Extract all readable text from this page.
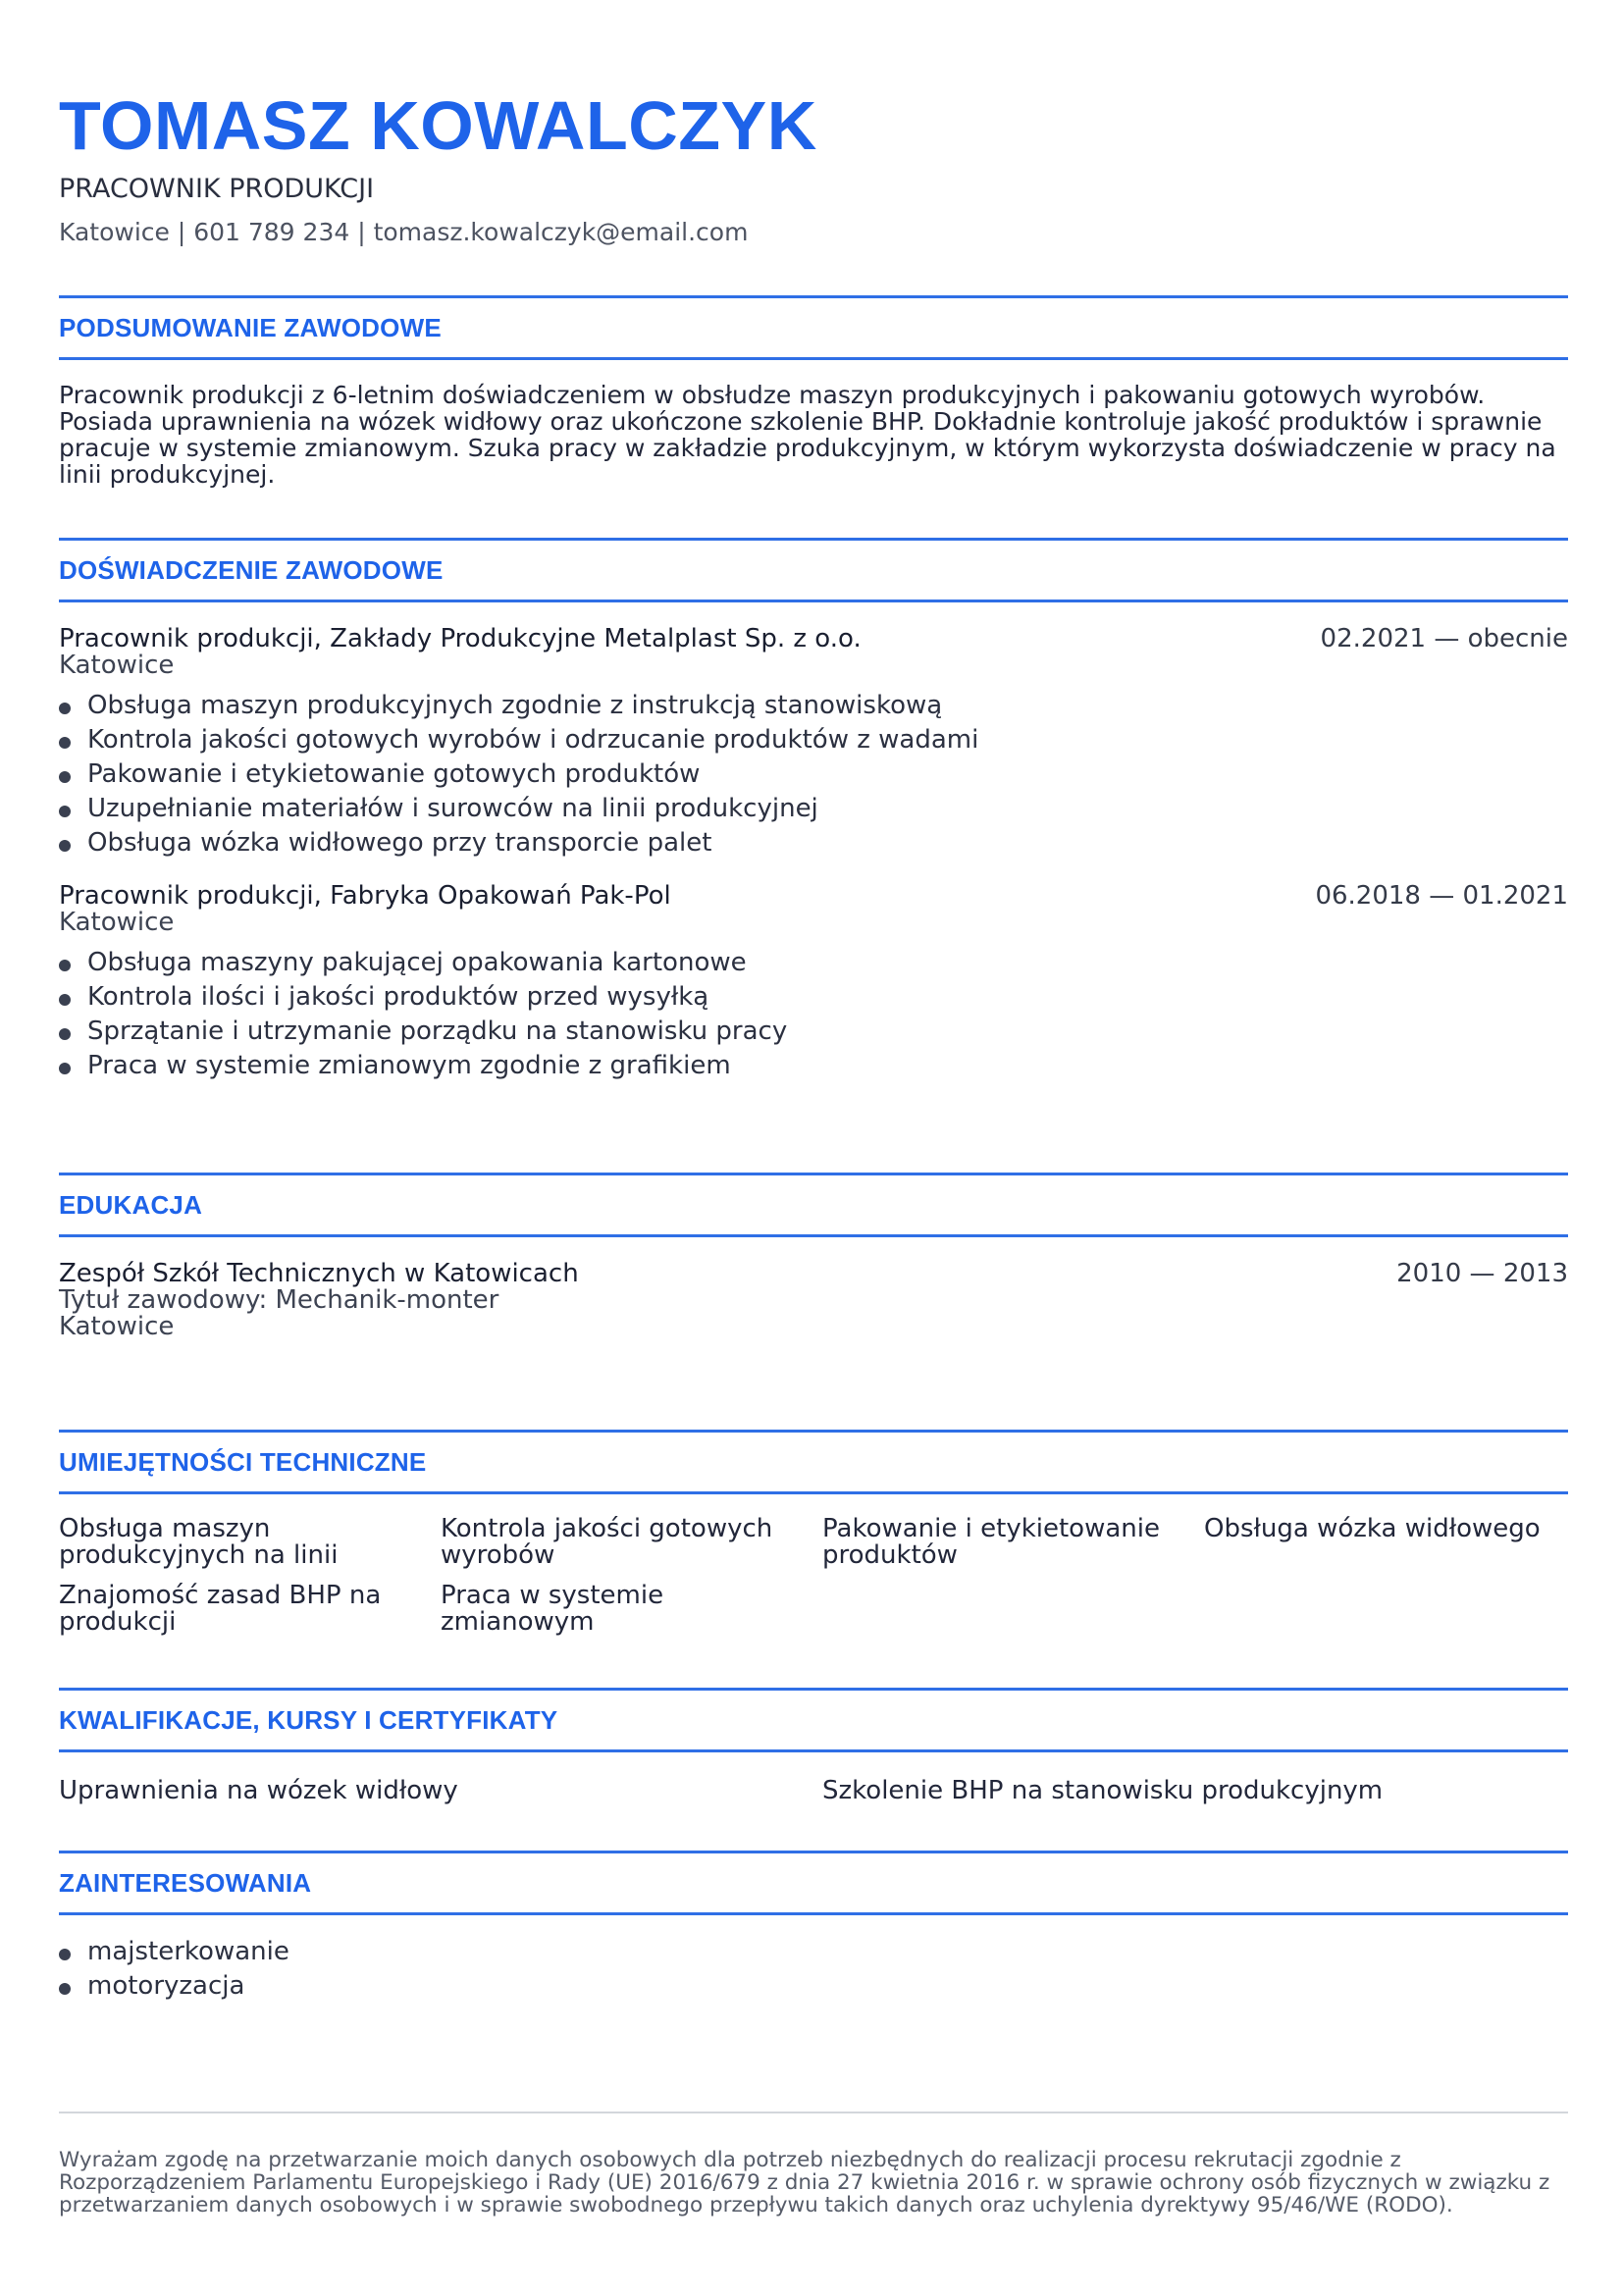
TOMASZ KOWALCZYK
PRACOWNIK PRODUKCJI
Katowice | 601 789 234 | tomasz.kowalczyk@email.com
PODSUMOWANIE ZAWODOWE
Pracownik produkcji z 6-letnim doświadczeniem w obsłudze maszyn produkcyjnych i pakowaniu gotowych wyrobów. Posiada uprawnienia na wózek widłowy oraz ukończone szkolenie BHP. Dokładnie kontroluje jakość produktów i sprawnie pracuje w systemie zmianowym. Szuka pracy w zakładzie produkcyjnym, w którym wykorzysta doświadczenie w pracy na linii produkcyjnej.
DOŚWIADCZENIE ZAWODOWE
Pracownik produkcji, Zakłady Produkcyjne Metalplast Sp. z o.o.	02.2021 — obecnie
Katowice
Obsługa maszyn produkcyjnych zgodnie z instrukcją stanowiskową
Kontrola jakości gotowych wyrobów i odrzucanie produktów z wadami
Pakowanie i etykietowanie gotowych produktów
Uzupełnianie materiałów i surowców na linii produkcyjnej
Obsługa wózka widłowego przy transporcie palet
Pracownik produkcji, Fabryka Opakowań Pak-Pol	06.2018 — 01.2021
Katowice
Obsługa maszyny pakującej opakowania kartonowe
Kontrola ilości i jakości produktów przed wysyłką
Sprzątanie i utrzymanie porządku na stanowisku pracy
Praca w systemie zmianowym zgodnie z grafikiem
EDUKACJA
Zespół Szkół Technicznych w Katowicach	2010 — 2013
Tytuł zawodowy: Mechanik-monter
Katowice
UMIEJĘTNOŚCI TECHNICZNE
Obsługa maszyn produkcyjnych na linii
Kontrola jakości gotowych wyrobów
Pakowanie i etykietowanie produktów
Obsługa wózka widłowego
Znajomość zasad BHP na produkcji
Praca w systemie zmianowym
KWALIFIKACJE, KURSY I CERTYFIKATY
Uprawnienia na wózek widłowy	Szkolenie BHP na stanowisku produkcyjnym
ZAINTERESOWANIA
majsterkowanie
motoryzacja
Wyrażam zgodę na przetwarzanie moich danych osobowych dla potrzeb niezbędnych do realizacji procesu rekrutacji zgodnie z Rozporządzeniem Parlamentu Europejskiego i Rady (UE) 2016/679 z dnia 27 kwietnia 2016 r. w sprawie ochrony osób fizycznych w związku z przetwarzaniem danych osobowych i w sprawie swobodnego przepływu takich danych oraz uchylenia dyrektywy 95/46/WE (RODO).
